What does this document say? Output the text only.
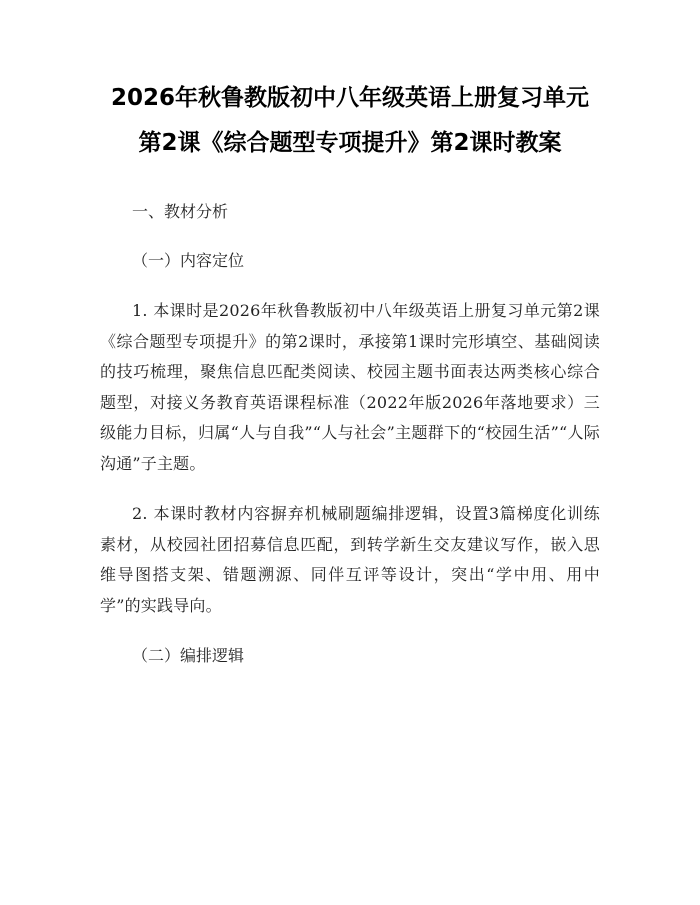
2026年秋鲁教版初中八年级英语上册复习单元第2课《综合题型专项提升》第2课时教案

一、教材分析

（一）内容定位

1. 本课时是2026年秋鲁教版初中八年级英语上册复习单元第2课《综合题型专项提升》的第2课时，承接第1课时完形填空、基础阅读的技巧梳理，聚焦信息匹配类阅读、校园主题书面表达两类核心综合题型，对接义务教育英语课程标准（2022年版2026年落地要求）三级能力目标，归属“人与自我”“人与社会”主题群下的“校园生活”“人际沟通”子主题。

2. 本课时教材内容摒弃机械刷题编排逻辑，设置3篇梯度化训练素材，从校园社团招募信息匹配，到转学新生交友建议写作，嵌入思维导图搭支架、错题溯源、同伴互评等设计，突出“学中用、用中学”的实践导向。

（二）编排逻辑
